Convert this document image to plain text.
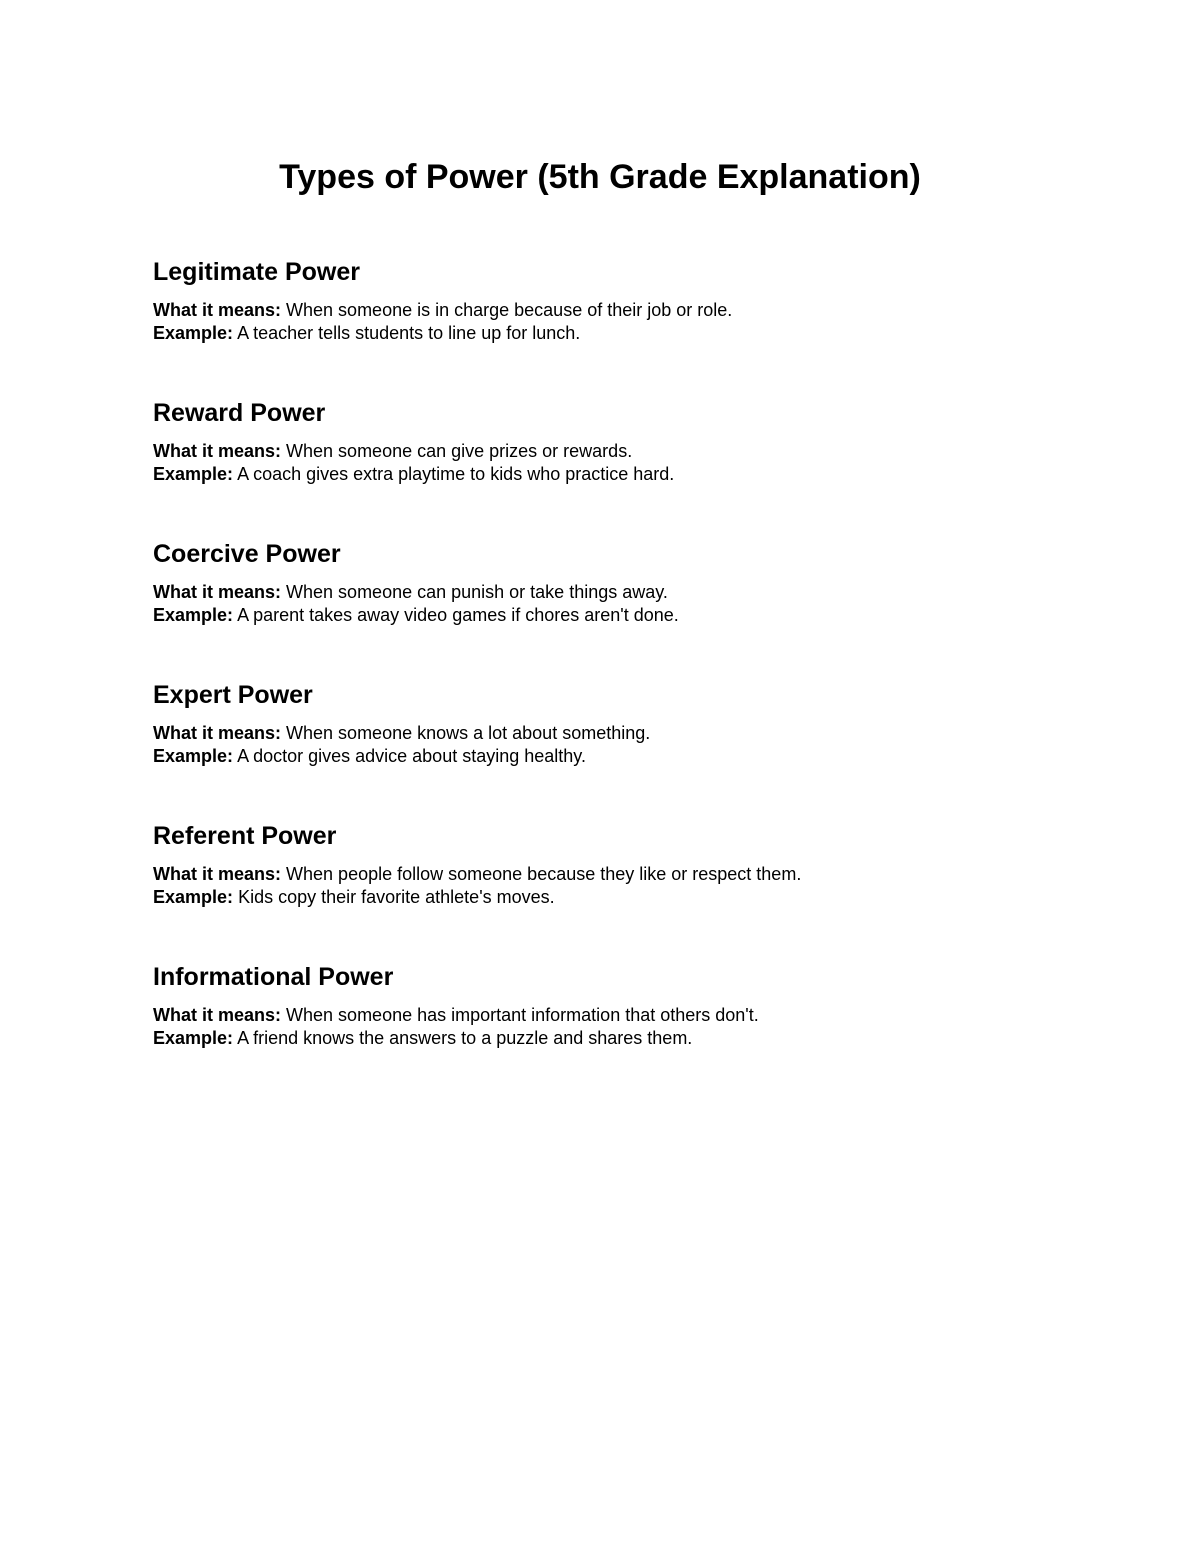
Types of Power (5th Grade Explanation)
Legitimate Power

What it means: When someone is in charge because of their job or role.

Example: A teacher tells students to line up for lunch.

Reward Power

What it means: When someone can give prizes or rewards.

Example: A coach gives extra playtime to kids who practice hard.

Coercive Power

What it means: When someone can punish or take things away.

Example: A parent takes away video games if chores aren't done.

Expert Power

What it means: When someone knows a lot about something.

Example: A doctor gives advice about staying healthy.

Referent Power

What it means: When people follow someone because they like or respect them.

Example: Kids copy their favorite athlete's moves.

Informational Power

What it means: When someone has important information that others don't.

Example: A friend knows the answers to a puzzle and shares them.
